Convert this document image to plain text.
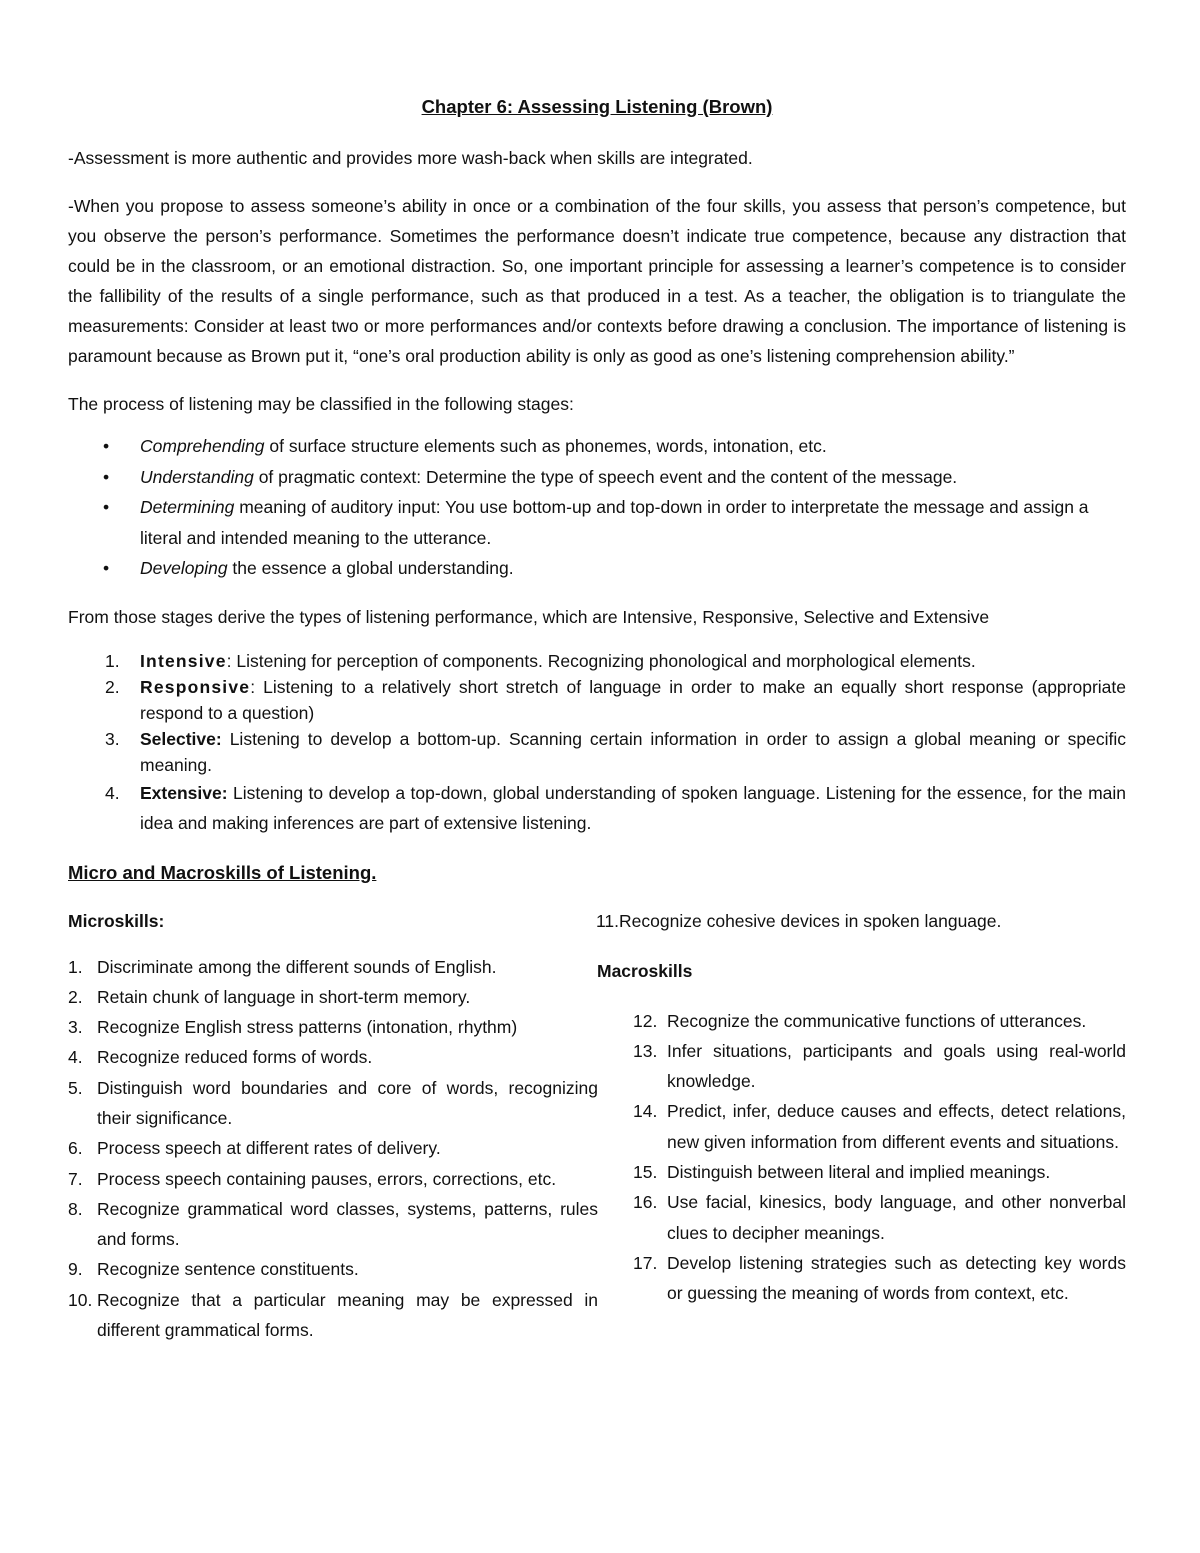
Chapter 6: Assessing Listening (Brown)

-Assessment is more authentic and provides more wash-back when skills are integrated.

-When you propose to assess someone’s ability in once or a combination of the four skills, you assess that person’s competence, but you observe the person’s performance. Sometimes the performance doesn’t indicate true competence, because any distraction that could be in the classroom, or an emotional distraction. So, one important principle for assessing a learner’s competence is to consider the fallibility of the results of a single performance, such as that produced in a test. As a teacher, the obligation is to triangulate the measurements: Consider at least two or more performances and/or contexts before drawing a conclusion. The importance of listening is paramount because as Brown put it, “one’s oral production ability is only as good as one’s listening comprehension ability.”

The process of listening may be classified in the following stages:

• Comprehending of surface structure elements such as phonemes, words, intonation, etc.
• Understanding of pragmatic context: Determine the type of speech event and the content of the message.
• Determining meaning of auditory input: You use bottom-up and top-down in order to interpretate the message and assign a literal and intended meaning to the utterance.
• Developing the essence a global understanding.

From those stages derive the types of listening performance, which are Intensive, Responsive, Selective and Extensive

1. Intensive: Listening for perception of components. Recognizing phonological and morphological elements.
2. Responsive: Listening to a relatively short stretch of language in order to make an equally short response (appropriate respond to a question)
3. Selective: Listening to develop a bottom-up. Scanning certain information in order to assign a global meaning or specific meaning.
4. Extensive: Listening to develop a top-down, global understanding of spoken language. Listening for the essence, for the main idea and making inferences are part of extensive listening.
Micro and Macroskills of Listening.
Microskills:
1. Discriminate among the different sounds of English.
2. Retain chunk of language in short-term memory.
3. Recognize English stress patterns (intonation, rhythm)
4. Recognize reduced forms of words.
5. Distinguish word boundaries and core of words, recognizing their significance.
6. Process speech at different rates of delivery.
7. Process speech containing pauses, errors, corrections, etc.
8. Recognize grammatical word classes, systems, patterns, rules and forms.
9. Recognize sentence constituents.
10. Recognize that a particular meaning may be expressed in different grammatical forms.

11.Recognize cohesive devices in spoken language.

Macroskills
12. Recognize the communicative functions of utterances.
13. Infer situations, participants and goals using real-world knowledge.
14. Predict, infer, deduce causes and effects, detect relations, new given information from different events and situations.
15. Distinguish between literal and implied meanings.
16. Use facial, kinesics, body language, and other nonverbal clues to decipher meanings.
17. Develop listening strategies such as detecting key words or guessing the meaning of words from context, etc.
